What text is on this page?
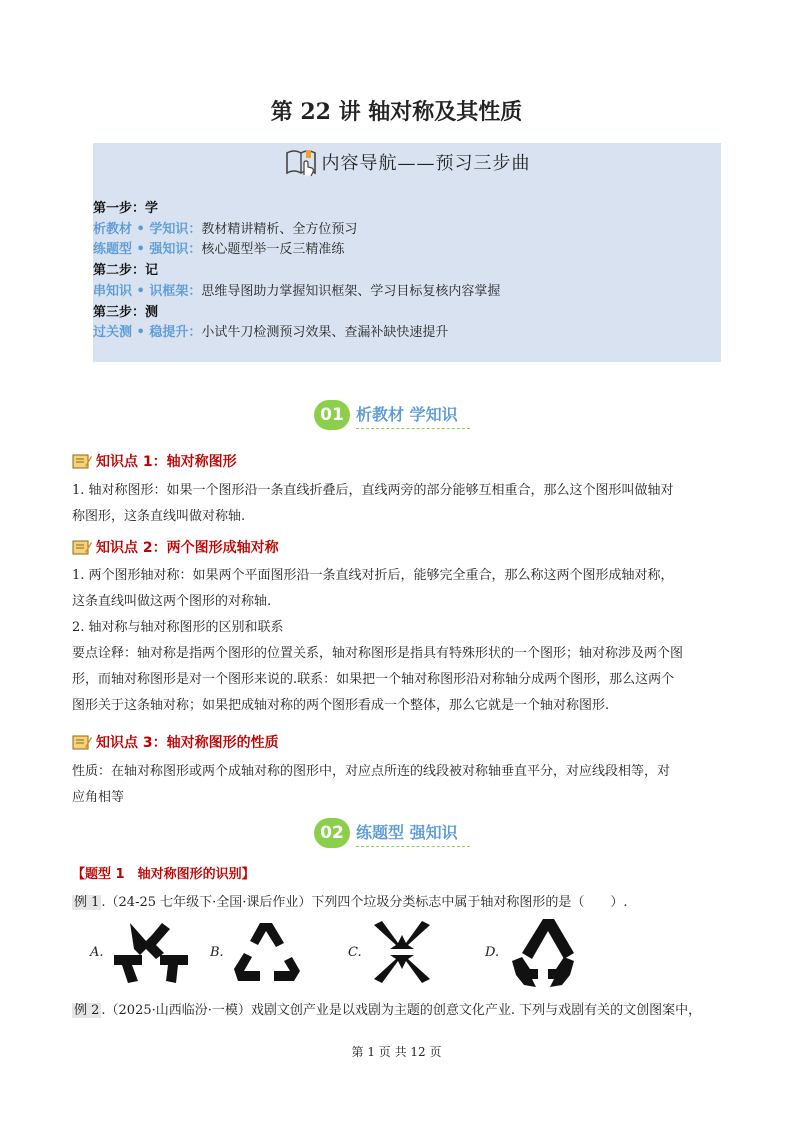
第 22 讲 轴对称及其性质
内容导航——预习三步曲
第一步：学
析教材 • 学知识：教材精讲精析、全方位预习
练题型 • 强知识：核心题型举一反三精准练
第二步：记
串知识 • 识框架：思维导图助力掌握知识框架、学习目标复核内容掌握
第三步：测
过关测 • 稳提升：小试牛刀检测预习效果、查漏补缺快速提升
01 析教材 学知识
知识点 1：轴对称图形
1. 轴对称图形：如果一个图形沿一条直线折叠后，直线两旁的部分能够互相重合，那么这个图形叫做轴对
称图形，这条直线叫做对称轴.
知识点 2：两个图形成轴对称
1. 两个图形轴对称：如果两个平面图形沿一条直线对折后，能够完全重合，那么称这两个图形成轴对称，
这条直线叫做这两个图形的对称轴.
2. 轴对称与轴对称图形的区别和联系
要点诠释：轴对称是指两个图形的位置关系，轴对称图形是指具有特殊形状的一个图形；轴对称涉及两个图
形，而轴对称图形是对一个图形来说的.联系：如果把一个轴对称图形沿对称轴分成两个图形，那么这两个
图形关于这条轴对称；如果把成轴对称的两个图形看成一个整体，那么它就是一个轴对称图形.
知识点 3：轴对称图形的性质
性质：在轴对称图形或两个成轴对称的图形中，对应点所连的线段被对称轴垂直平分，对应线段相等，对
应角相等
02 练题型 强知识
【题型 1　轴对称图形的识别】
例 1 .（24-25 七年级下·全国·课后作业）下列四个垃圾分类标志中属于轴对称图形的是（　　）.
A.	B.	C.	D.
例 2 .（2025·山西临汾·一模）戏剧文创产业是以戏剧为主题的创意文化产业. 下列与戏剧有关的文创图案中，
第 1 页 共 12 页
